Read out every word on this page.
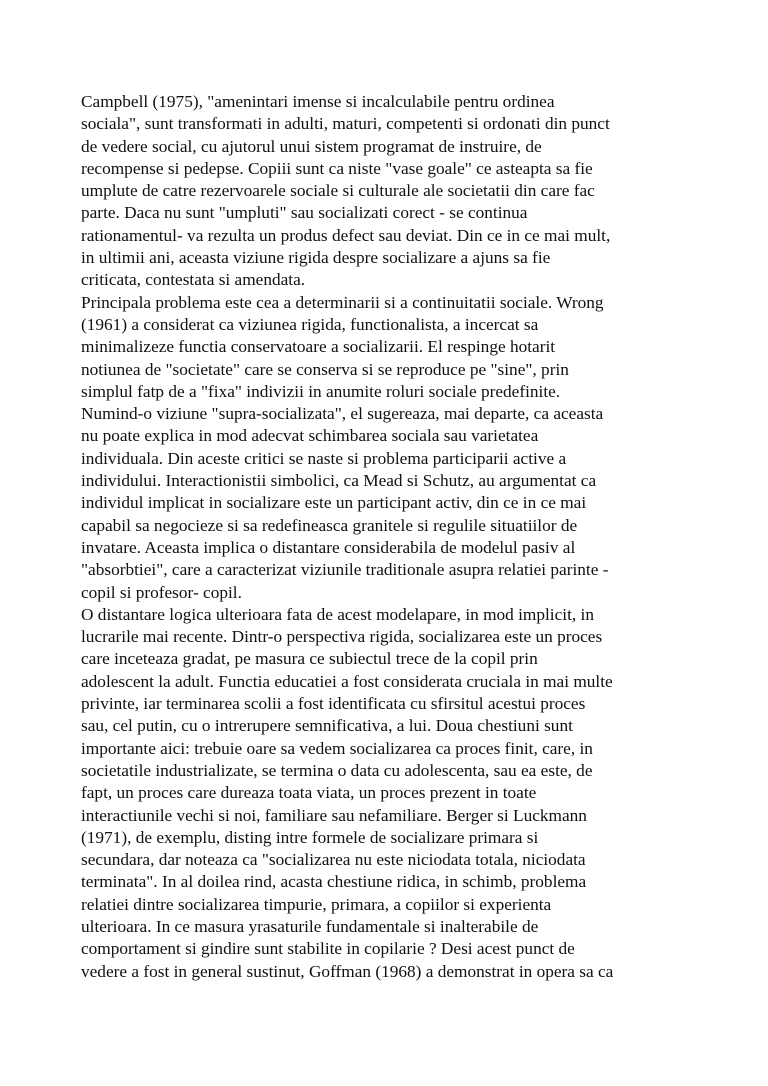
Campbell (1975), "amenintari imense si incalculabile pentru ordinea
sociala", sunt transformati in adulti, maturi, competenti si ordonati din punct
de vedere social, cu ajutorul unui sistem programat de instruire, de
recompense si pedepse. Copiii sunt ca niste "vase goale" ce asteapta sa fie
umplute de catre rezervoarele sociale si culturale ale societatii din care fac
parte. Daca nu sunt "umpluti" sau socializati corect - se continua
rationamentul- va rezulta un produs defect sau deviat. Din ce in ce mai mult,
in ultimii ani, aceasta viziune rigida despre socializare a ajuns sa fie
criticata, contestata si amendata.
Principala problema este cea a determinarii si a continuitatii sociale. Wrong
(1961) a considerat ca viziunea rigida, functionalista, a incercat sa
minimalizeze functia conservatoare a socializarii. El respinge hotarit
notiunea de "societate" care se conserva si se reproduce pe "sine", prin
simplul fatp de a "fixa" indivizii in anumite roluri sociale predefinite.
Numind-o viziune "supra-socializata", el sugereaza, mai departe, ca aceasta
nu poate explica in mod adecvat schimbarea sociala sau varietatea
individuala. Din aceste critici se naste si problema participarii active a
individului. Interactionistii simbolici, ca Mead si Schutz, au argumentat ca
individul implicat in socializare este un participant activ, din ce in ce mai
capabil sa negocieze si sa redefineasca granitele si regulile situatiilor de
invatare. Aceasta implica o distantare considerabila de modelul pasiv al
"absorbtiei", care a caracterizat viziunile traditionale asupra relatiei parinte -
copil si profesor- copil.
O distantare logica ulterioara fata de acest modelapare, in mod implicit, in
lucrarile mai recente. Dintr-o perspectiva rigida, socializarea este un proces
care inceteaza gradat, pe masura ce subiectul trece de la copil prin
adolescent la adult. Functia educatiei a fost considerata cruciala in mai multe
privinte, iar terminarea scolii a fost identificata cu sfirsitul acestui proces
sau, cel putin, cu o intrerupere semnificativa, a lui. Doua chestiuni sunt
importante aici: trebuie oare sa vedem socializarea ca proces finit, care, in
societatile industrializate, se termina o data cu adolescenta, sau ea este, de
fapt, un proces care dureaza toata viata, un proces prezent in toate
interactiunile vechi si noi, familiare sau nefamiliare. Berger si Luckmann
(1971), de exemplu, disting intre formele de socializare primara si
secundara, dar noteaza ca "socializarea nu este niciodata totala, niciodata
terminata". In al doilea rind, acasta chestiune ridica, in schimb, problema
relatiei dintre socializarea timpurie, primara, a copiilor si experienta
ulterioara. In ce masura yrasaturile fundamentale si inalterabile de
comportament si gindire sunt stabilite in copilarie ? Desi acest punct de
vedere a fost in general sustinut, Goffman (1968) a demonstrat in opera sa ca
